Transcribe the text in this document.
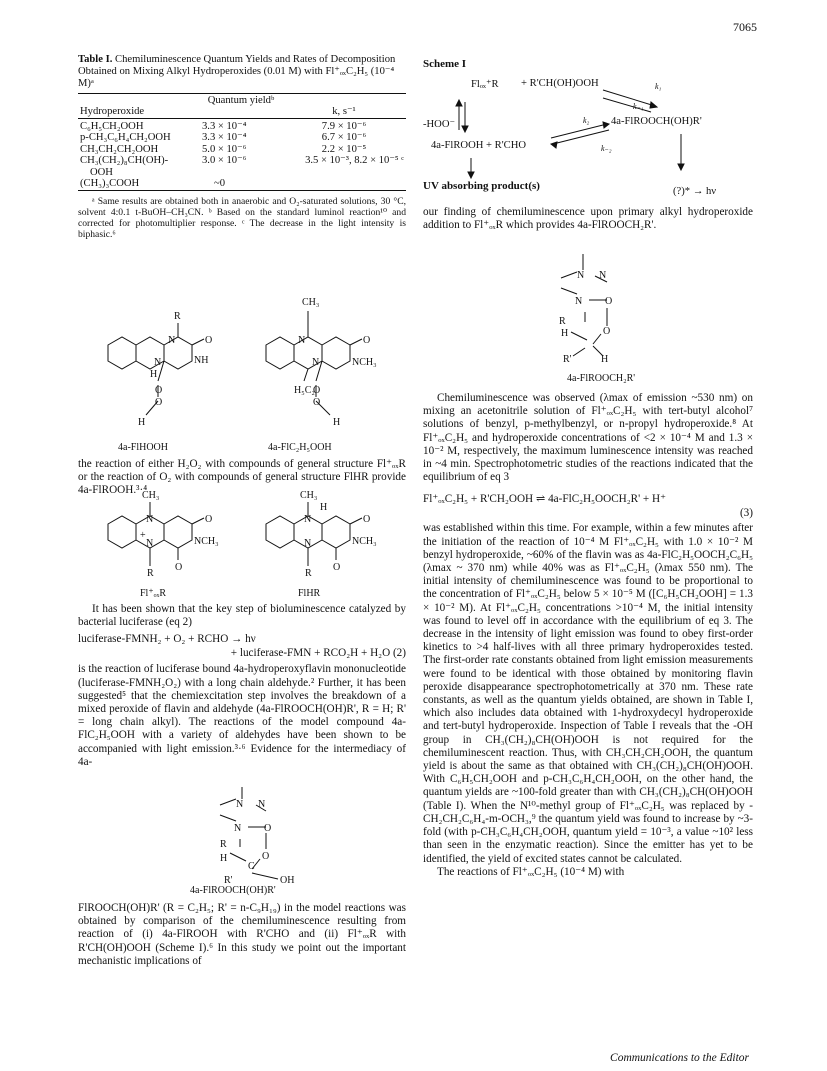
7065
Table I. Chemiluminescence Quantum Yields and Rates of Decomposition Obtained on Mixing Alkyl Hydroperoxides (0.01 M) with Fl⁺ₒₓC₂H₅ (10⁻⁴ M)ᵃ
Hydroperoxide	Quantum yieldᵇ	k, s⁻¹

C₆H₅CH₂OOH	3.3 × 10⁻⁴	7.9 × 10⁻⁶
p-CH₃C₆H₄CH₂OOH	3.3 × 10⁻⁴	6.7 × 10⁻⁶
CH₃CH₂CH₂OOH	5.0 × 10⁻⁶	2.2 × 10⁻⁵
CH₃(CH₂)₈CH(OH)-	3.0 × 10⁻⁶	3.5 × 10⁻³, 8.2 × 10⁻⁵ ᶜ
OOH		
(CH₃)₃COOH	~0	

ᵃ Same results are obtained both in anaerobic and O₂-saturated solutions, 30 °C, solvent 4:0.1 t-BuOH–CH₃CN. ᵇ Based on the standard luminol reaction¹⁰ and corrected for photomultiplier response. ᶜ The decrease in the light intensity is biphasic.⁶

R
N	O
NH
N
H
O
O
H
CH₃
N	O
NCH₃
N
H₅C₂
O
O
H
4a-FlHOOH	4a-FlC₂H₅OOH

the reaction of either H₂O₂ with compounds of general structure Fl⁺ₒₓR or the reaction of O₂ with compounds of general structure FlHR provide 4a-FlROOH.³·⁴

CH₃
N	O
NCH₃
N
+
R
O
CH₃
N
H
O
NCH₃
N
R
O
Fl⁺ₒₓR	FlHR

It has been shown that the key step of bioluminescence catalyzed by bacterial luciferase (eq 2)

luciferase-FMNH₂ + O₂ + RCHO → hν
+ luciferase-FMN + RCO₂H + H₂O (2)

is the reaction of luciferase bound 4a-hydroperoxyflavin mononucleotide (luciferase-FMNH₂O₂) with a long chain aldehyde.² Further, it has been suggested⁵ that the chemiexcitation step involves the breakdown of a mixed peroxide of flavin and aldehyde (4a-FlROOCH(OH)R', R = H; R' = long chain alkyl). The reactions of the model compound 4a-FlC₂H₅OOH with a variety of aldehydes have been shown to be accompanied with light emission.³·⁶ Evidence for the intermediacy of 4a-

N N
N O
R
H	O
C
R'	OH
4a-FlROOCH(OH)R'

FlROOCH(OH)R' (R = C₂H₅; R' = n-C₉H₁₉) in the model reactions was obtained by comparison of the chemiluminescence resulting from reaction of (i) 4a-FlROOH with R'CHO and (ii) Fl⁺ₒₓR with R'CH(OH)OOH (Scheme I).⁶ In this study we point out the important mechanistic implications of

Scheme I
Flₒₓ⁺R + R'CH(OH)OOH
-HOO⁻	4a-FlROOCH(OH)R'
4a-FlROOH + R'CHO
k₁
k₋₁
k₂
k₋₂
(?)* → hν
UV absorbing product(s)

our finding of chemiluminescence upon primary alkyl hydroperoxide addition to Fl⁺ₒₓR which provides 4a-FlROOCH₂R'.

N N
N O
R
H	O
R'	H
4a-FlROOCH₂R'

Chemiluminescence was observed (λmax of emission ~530 nm) on mixing an acetonitrile solution of Fl⁺ₒₓC₂H₅ with tert-butyl alcohol⁷ solutions of benzyl, p-methylbenzyl, or n-propyl hydroperoxide.⁸ At Fl⁺ₒₓC₂H₅ and hydroperoxide concentrations of <2 × 10⁻⁴ M and 1.3 × 10⁻² M, respectively, the maximum luminescence intensity was reached in ~4 min. Spectrophotometric studies of the reactions indicated that the equilibrium of eq 3

Fl⁺ₒₓC₂H₅ + R'CH₂OOH ⇌ 4a-FlC₂H₅OOCH₂R' + H⁺
(3)

was established within this time. For example, within a few minutes after the initiation of the reaction of 10⁻⁴ M Fl⁺ₒₓC₂H₅ with 1.0 × 10⁻² M benzyl hydroperoxide, ~60% of the flavin was as 4a-FlC₂H₅OOCH₂C₆H₅ (λmax ~ 370 nm) while 40% was as Fl⁺ₒₓC₂H₅ (λmax 550 nm). The initial intensity of chemiluminescence was found to be proportional to the concentration of Fl⁺ₒₓC₂H₅ below 5 × 10⁻⁵ M ([C₆H₅CH₂OOH] = 1.3 × 10⁻² M). At Fl⁺ₒₓC₂H₅ concentrations >10⁻⁴ M, the initial intensity was found to level off in accordance with the equilibrium of eq 3. The decrease in the intensity of light emission was found to obey first-order kinetics to >4 half-lives with all three primary hydroperoxides tested. The first-order rate constants obtained from light emission measurements were found to be identical with those obtained by monitoring flavin peroxide disappearance spectrophotometrically at 370 nm. These rate constants, as well as the quantum yields obtained, are shown in Table I, which also includes data obtained with 1-hydroxydecyl hydroperoxide and tert-butyl hydroperoxide. Inspection of Table I reveals that the -OH group in CH₃(CH₂)₈CH(OH)OOH is not required for the chemiluminescent reaction. Thus, with CH₃CH₂CH₂OOH, the quantum yield is about the same as that obtained with CH₃(CH₂)₈CH(OH)OOH. With C₆H₅CH₂OOH and p-CH₃C₆H₄CH₂OOH, on the other hand, the quantum yields are ~100-fold greater than with CH₃(CH₂)₈CH(OH)OOH (Table I). When the N¹⁰-methyl group of Fl⁺ₒₓC₂H₅ was replaced by -CH₂CH₂C₆H₄-m-OCH₃,⁹ the quantum yield was found to increase by ~3-fold (with p-CH₃C₆H₄CH₂OOH, quantum yield = 10⁻³, a value ~10² less than seen in the enzymatic reaction). Since the emitter has yet to be identified, the yield of excited states cannot be calculated.

The reactions of Fl⁺ₒₓC₂H₅ (10⁻⁴ M) with

Communications to the Editor
